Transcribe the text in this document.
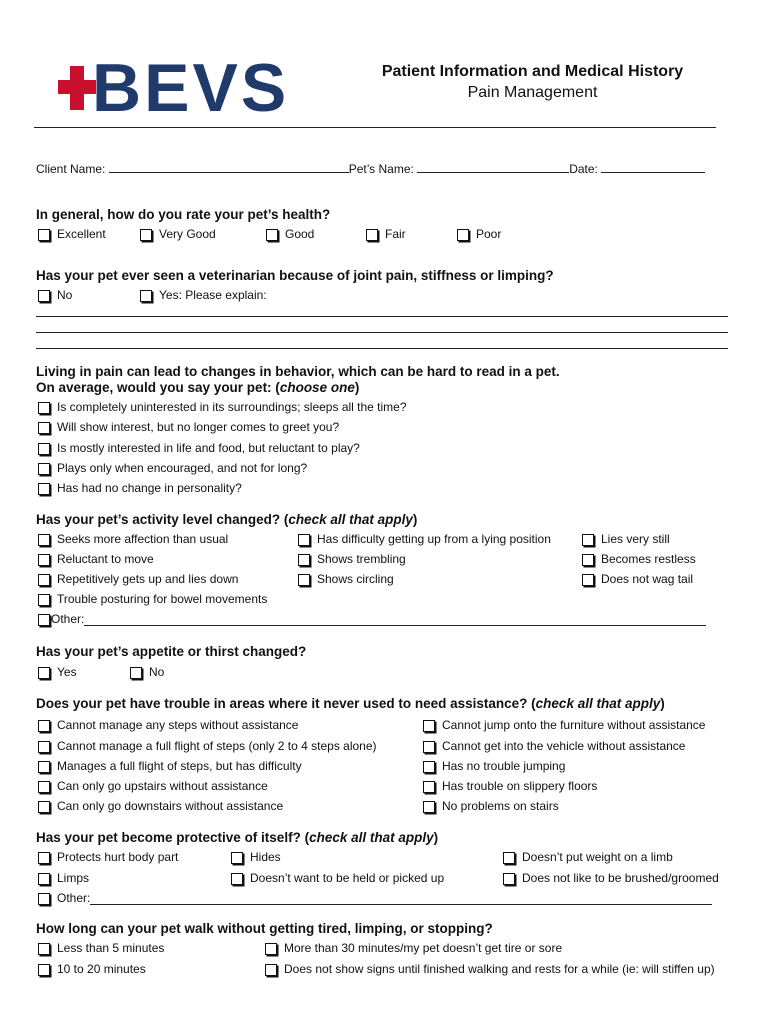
BEVS	Patient Information and Medical History
Pain Management
Client Name:	Pet’s Name:	Date:
In general, how do you rate your pet’s health?
Excellent	Very Good	Good	Fair	Poor
Has your pet ever seen a veterinarian because of joint pain, stiffness or limping?
No	Yes: Please explain:
Living in pain can lead to changes in behavior, which can be hard to read in a pet.
On average, would you say your pet: (choose one)
Is completely uninterested in its surroundings; sleeps all the time?
Will show interest, but no longer comes to greet you?
Is mostly interested in life and food, but reluctant to play?
Plays only when encouraged, and not for long?
Has had no change in personality?
Has your pet’s activity level changed? (check all that apply)
Seeks more affection than usual
Reluctant to move
Repetitively gets up and lies down
Trouble posturing for bowel movements
Has difficulty getting up from a lying position
Shows trembling
Shows circling
Lies very still
Becomes restless
Does not wag tail
Other:
Has your pet’s appetite or thirst changed?
Yes	No
Does your pet have trouble in areas where it never used to need assistance? (check all that apply)
Cannot manage any steps without assistance
Cannot manage a full flight of steps (only 2 to 4 steps alone)
Manages a full flight of steps, but has difficulty
Can only go upstairs without assistance
Can only go downstairs without assistance
Cannot jump onto the furniture without assistance
Cannot get into the vehicle without assistance
Has no trouble jumping
Has trouble on slippery floors
No problems on stairs
Has your pet become protective of itself? (check all that apply)
Protects hurt body part
Limps
Hides
Doesn’t want to be held or picked up
Doesn’t put weight on a limb
Does not like to be brushed/groomed
Other:
How long can your pet walk without getting tired, limping, or stopping?
Less than 5 minutes
10 to 20 minutes
More than 30 minutes/my pet doesn’t get tire or sore
Does not show signs until finished walking and rests for a while (ie: will stiffen up)
